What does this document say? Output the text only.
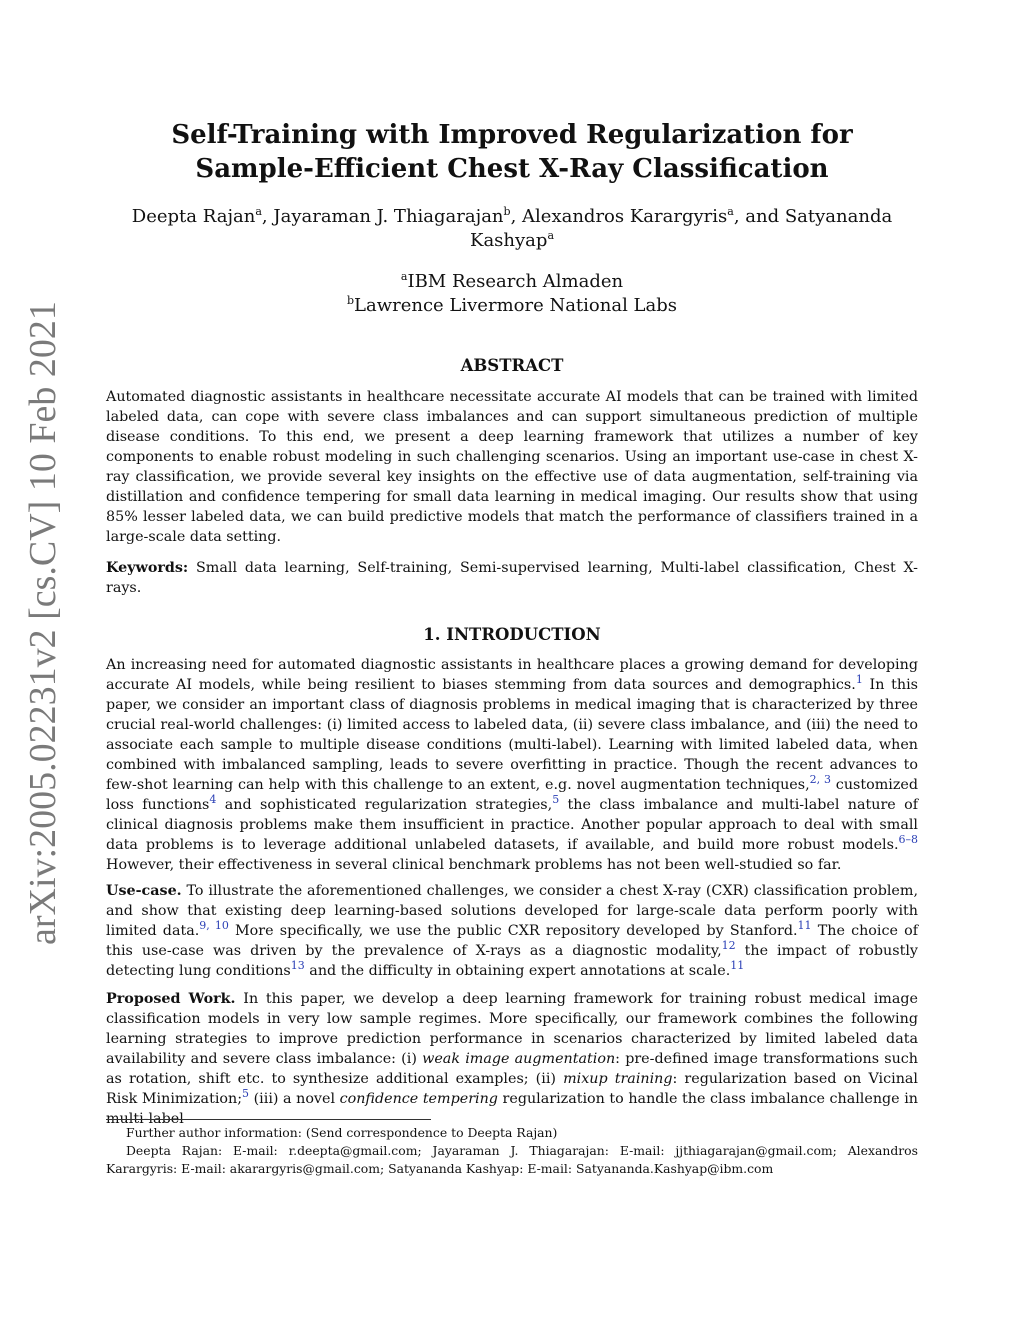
arXiv:2005.02231v2 [cs.CV] 10 Feb 2021
Self-Training with Improved Regularization for
Sample-Efficient Chest X-Ray Classification
Deepta Rajan$^a$, Jayaraman J. Thiagarajan$^b$, Alexandros Karargyris$^a$, and Satyananda
Kashyap$^a$
$^a$IBM Research Almaden
$^b$Lawrence Livermore National Labs
ABSTRACT
Automated diagnostic assistants in healthcare necessitate accurate AI models that can be trained with limited labeled data, can cope with severe class imbalances and can support simultaneous prediction of multiple disease conditions. To this end, we present a deep learning framework that utilizes a number of key components to enable robust modeling in such challenging scenarios. Using an important use-case in chest X-ray classification, we provide several key insights on the effective use of data augmentation, self-training via distillation and confidence tempering for small data learning in medical imaging. Our results show that using 85% lesser labeled data, we can build predictive models that match the performance of classifiers trained in a large-scale data setting.
Keywords: Small data learning, Self-training, Semi-supervised learning, Multi-label classification, Chest X-rays.
1. INTRODUCTION
An increasing need for automated diagnostic assistants in healthcare places a growing demand for developing accurate AI models, while being resilient to biases stemming from data sources and demographics.$^1$ In this paper, we consider an important class of diagnosis problems in medical imaging that is characterized by three crucial real-world challenges: (i) limited access to labeled data, (ii) severe class imbalance, and (iii) the need to associate each sample to multiple disease conditions (multi-label). Learning with limited labeled data, when combined with imbalanced sampling, leads to severe overfitting in practice. Though the recent advances to few-shot learning can help with this challenge to an extent, e.g. novel augmentation techniques,$^{2, 3}$ customized loss functions$^4$ and sophisticated regularization strategies,$^5$ the class imbalance and multi-label nature of clinical diagnosis problems make them insufficient in practice. Another popular approach to deal with small data problems is to leverage additional unlabeled datasets, if available, and build more robust models.$^{6-8}$ However, their effectiveness in several clinical benchmark problems has not been well-studied so far.
Use-case. To illustrate the aforementioned challenges, we consider a chest X-ray (CXR) classification problem, and show that existing deep learning-based solutions developed for large-scale data perform poorly with limited data.$^{9, 10}$ More specifically, we use the public CXR repository developed by Stanford.$^{11}$ The choice of this use-case was driven by the prevalence of X-rays as a diagnostic modality,$^{12}$ the impact of robustly detecting lung conditions$^{13}$ and the difficulty in obtaining expert annotations at scale.$^{11}$
Proposed Work. In this paper, we develop a deep learning framework for training robust medical image classification models in very low sample regimes. More specifically, our framework combines the following learning strategies to improve prediction performance in scenarios characterized by limited labeled data availability and severe class imbalance: (i) weak image augmentation: pre-defined image transformations such as rotation, shift etc. to synthesize additional examples; (ii) mixup training: regularization based on Vicinal Risk Minimization;$^5$ (iii) a novel confidence tempering regularization to handle the class imbalance challenge in multi-label

Further author information: (Send correspondence to Deepta Rajan)

Deepta Rajan: E-mail: r.deepta@gmail.com; Jayaraman J. Thiagarajan: E-mail: jjthiagarajan@gmail.com; Alexandros Karargyris: E-mail: akarargyris@gmail.com; Satyananda Kashyap: E-mail: Satyananda.Kashyap@ibm.com
